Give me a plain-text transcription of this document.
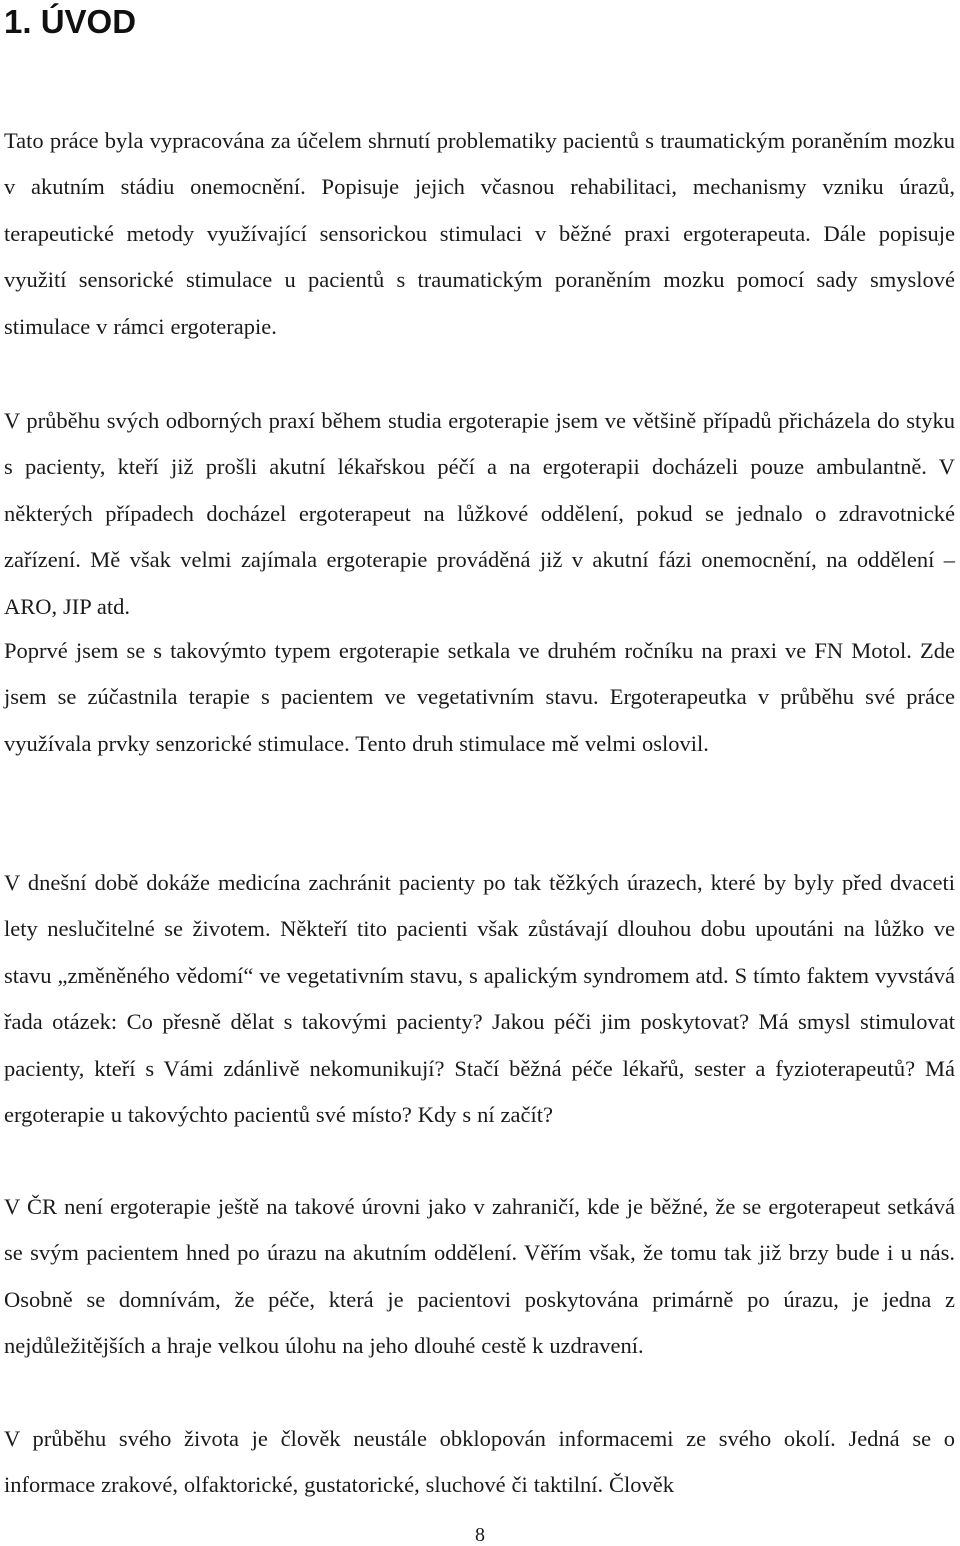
1. ÚVOD

Tato práce byla vypracována za účelem shrnutí problematiky pacientů s traumatickým poraněním mozku v akutním stádiu onemocnění. Popisuje jejich včasnou rehabilitaci, mechanismy vzniku úrazů, terapeutické metody využívající sensorickou stimulaci v běžné praxi ergoterapeuta. Dále popisuje využití sensorické stimulace u pacientů s traumatickým poraněním mozku pomocí sady smyslové stimulace v rámci ergoterapie.

V průběhu svých odborných praxí během studia ergoterapie jsem ve většině případů přicházela do styku s pacienty, kteří již prošli akutní lékařskou péčí a na ergoterapii docházeli pouze ambulantně. V některých případech docházel ergoterapeut na lůžkové oddělení, pokud se jednalo o zdravotnické zařízení. Mě však velmi zajímala ergoterapie prováděná již v akutní fázi onemocnění, na oddělení – ARO, JIP atd.

Poprvé jsem se s takovýmto typem ergoterapie setkala ve druhém ročníku na praxi ve FN Motol. Zde jsem se zúčastnila terapie s pacientem ve vegetativním stavu. Ergoterapeutka v průběhu své práce využívala prvky senzorické stimulace. Tento druh stimulace mě velmi oslovil.

V dnešní době dokáže medicína zachránit pacienty po tak těžkých úrazech, které by byly před dvaceti lety neslučitelné se životem. Někteří tito pacienti však zůstávají dlouhou dobu upoutáni na lůžko ve stavu „změněného vědomí“ ve vegetativním stavu, s apalickým syndromem atd. S tímto faktem vyvstává řada otázek: Co přesně dělat s takovými pacienty? Jakou péči jim poskytovat? Má smysl stimulovat pacienty, kteří s Vámi zdánlivě nekomunikují? Stačí běžná péče lékařů, sester a fyzioterapeutů? Má ergoterapie u takovýchto pacientů své místo? Kdy s ní začít?

V ČR není ergoterapie ještě na takové úrovni jako v zahraničí, kde je běžné, že se ergoterapeut setkává se svým pacientem hned po úrazu na akutním oddělení. Věřím však, že tomu tak již brzy bude i u nás. Osobně se domnívám, že péče, která je pacientovi poskytována primárně po úrazu, je jedna z nejdůležitějších a hraje velkou úlohu na jeho dlouhé cestě k uzdravení.

V průběhu svého života je člověk neustále obklopován informacemi ze svého okolí. Jedná se o informace zrakové, olfaktorické, gustatorické, sluchové či taktilní. Člověk

8
